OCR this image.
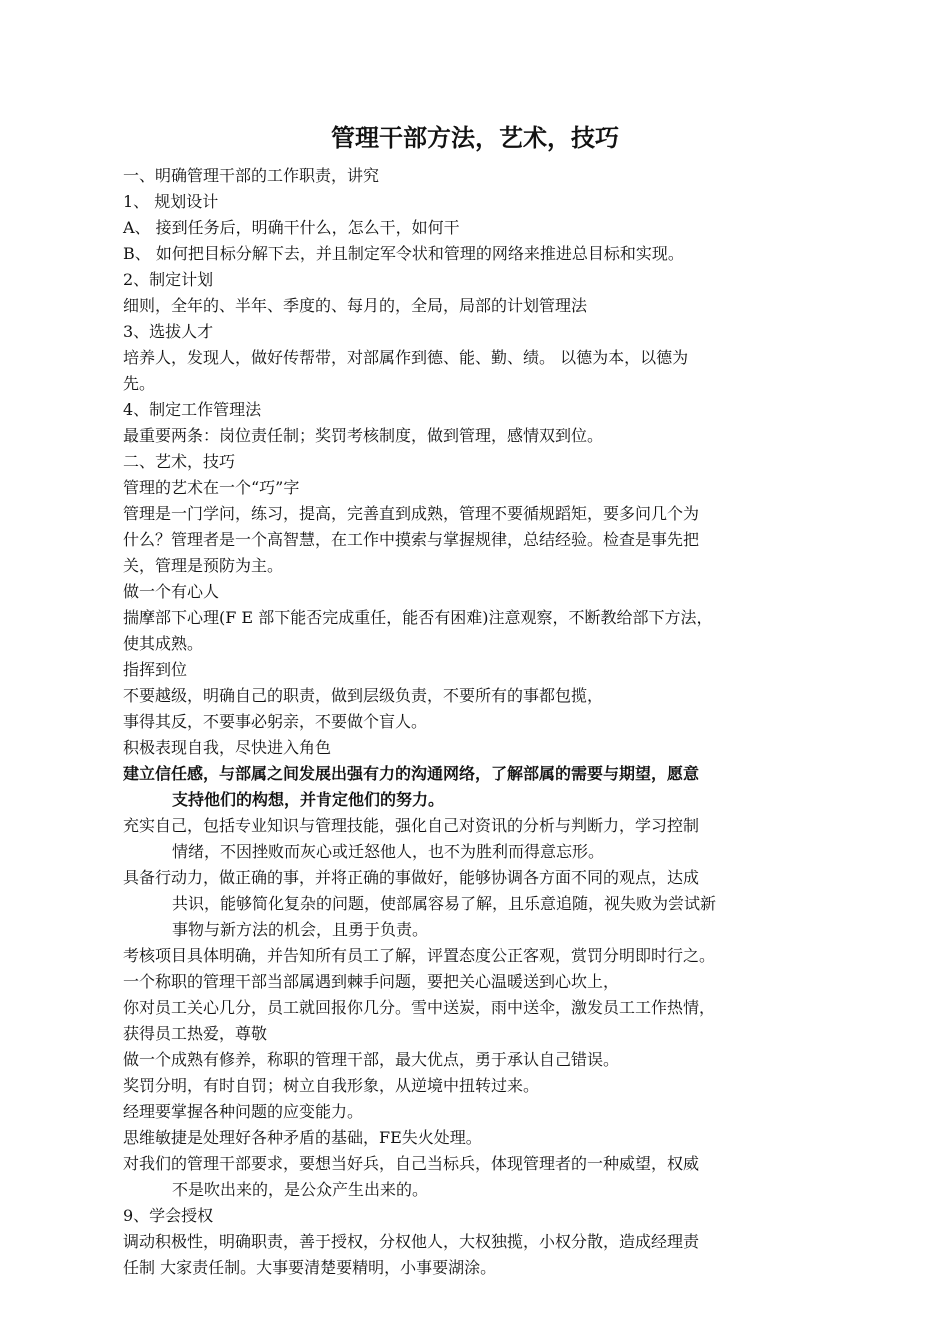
管理干部方法，艺术，技巧
一、明确管理干部的工作职责，讲究
1、 规划设计
A、 接到任务后，明确干什么，怎么干，如何干
B、 如何把目标分解下去，并且制定军令状和管理的网络来推进总目标和实现。
2、制定计划
细则，全年的、半年、季度的、每月的，全局，局部的计划管理法
3、选拔人才
培养人，发现人，做好传帮带，对部属作到德、能、勤、绩。 以德为本，以德为
先。
4、制定工作管理法
最重要两条：岗位责任制；奖罚考核制度，做到管理，感情双到位。
二、艺术，技巧
管理的艺术在一个“巧”字
管理是一门学问，练习，提高，完善直到成熟，管理不要循规蹈矩，要多问几个为
什么？管理者是一个高智慧，在工作中摸索与掌握规律，总结经验。检查是事先把
关，管理是预防为主。
做一个有心人
揣摩部下心理(F E 部下能否完成重任，能否有困难)注意观察，不断教给部下方法，
使其成熟。
指挥到位
不要越级，明确自己的职责，做到层级负责，不要所有的事都包揽，
事得其反，不要事必躬亲，不要做个盲人。
积极表现自我，尽快进入角色
建立信任感，与部属之间发展出强有力的沟通网络，了解部属的需要与期望，愿意
支持他们的构想，并肯定他们的努力。
充实自己，包括专业知识与管理技能，强化自己对资讯的分析与判断力，学习控制
情绪，不因挫败而灰心或迁怒他人，也不为胜利而得意忘形。
具备行动力，做正确的事，并将正确的事做好，能够协调各方面不同的观点，达成
共识，能够简化复杂的问题，使部属容易了解，且乐意追随，视失败为尝试新
事物与新方法的机会，且勇于负责。
考核项目具体明确，并告知所有员工了解，评置态度公正客观，赏罚分明即时行之。
一个称职的管理干部当部属遇到棘手问题，要把关心温暖送到心坎上，
你对员工关心几分，员工就回报你几分。雪中送炭，雨中送伞，激发员工工作热情，
获得员工热爱，尊敬
做一个成熟有修养，称职的管理干部，最大优点，勇于承认自己错误。
奖罚分明，有时自罚；树立自我形象，从逆境中扭转过来。
经理要掌握各种问题的应变能力。
思维敏捷是处理好各种矛盾的基础，FE失火处理。
对我们的管理干部要求，要想当好兵，自己当标兵，体现管理者的一种威望，权威
不是吹出来的，是公众产生出来的。
9、学会授权
调动积极性，明确职责，善于授权，分权他人，大权独揽，小权分散，造成经理责
任制 大家责任制。大事要清楚要精明，小事要湖涂。
